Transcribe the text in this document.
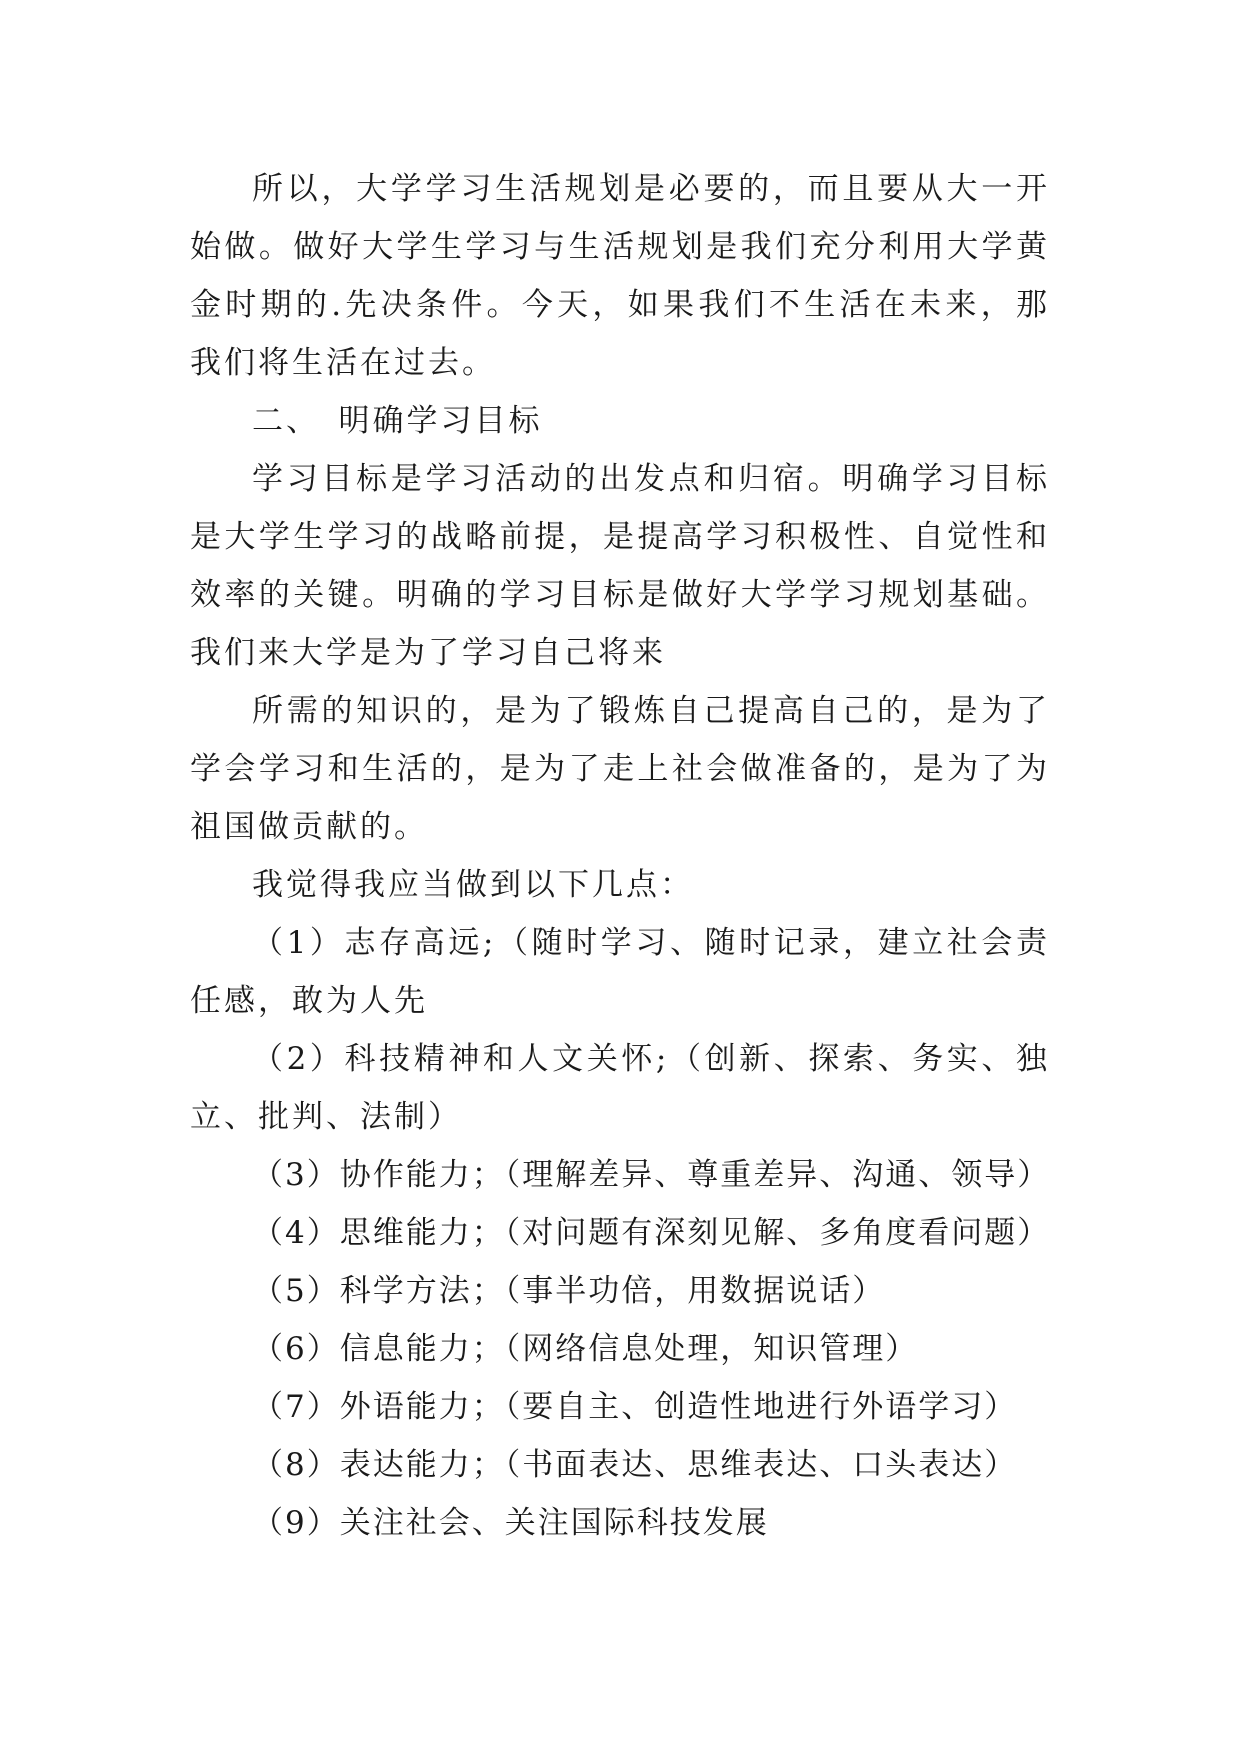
所以，大学学习生活规划是必要的，而且要从大一开始做。做好大学生学习与生活规划是我们充分利用大学黄金时期的.先决条件。今天，如果我们不生活在未来，那我们将生活在过去。

二、　明确学习目标

学习目标是学习活动的出发点和归宿。明确学习目标是大学生学习的战略前提，是提高学习积极性、自觉性和效率的关键。明确的学习目标是做好大学学习规划基础。我们来大学是为了学习自己将来

所需的知识的，是为了锻炼自己提高自己的，是为了学会学习和生活的，是为了走上社会做准备的，是为了为祖国做贡献的。

我觉得我应当做到以下几点：

（1）志存高远;（随时学习、随时记录，建立社会责任感，敢为人先

（2）科技精神和人文关怀;（创新、探索、务实、独立、批判、法制）

（3）协作能力；（理解差异、尊重差异、沟通、领导）

（4）思维能力；（对问题有深刻见解、多角度看问题）

（5）科学方法；（事半功倍，用数据说话）

（6）信息能力；（网络信息处理，知识管理）

（7）外语能力；（要自主、创造性地进行外语学习）

（8）表达能力；（书面表达、思维表达、口头表达）

（9）关注社会、关注国际科技发展
